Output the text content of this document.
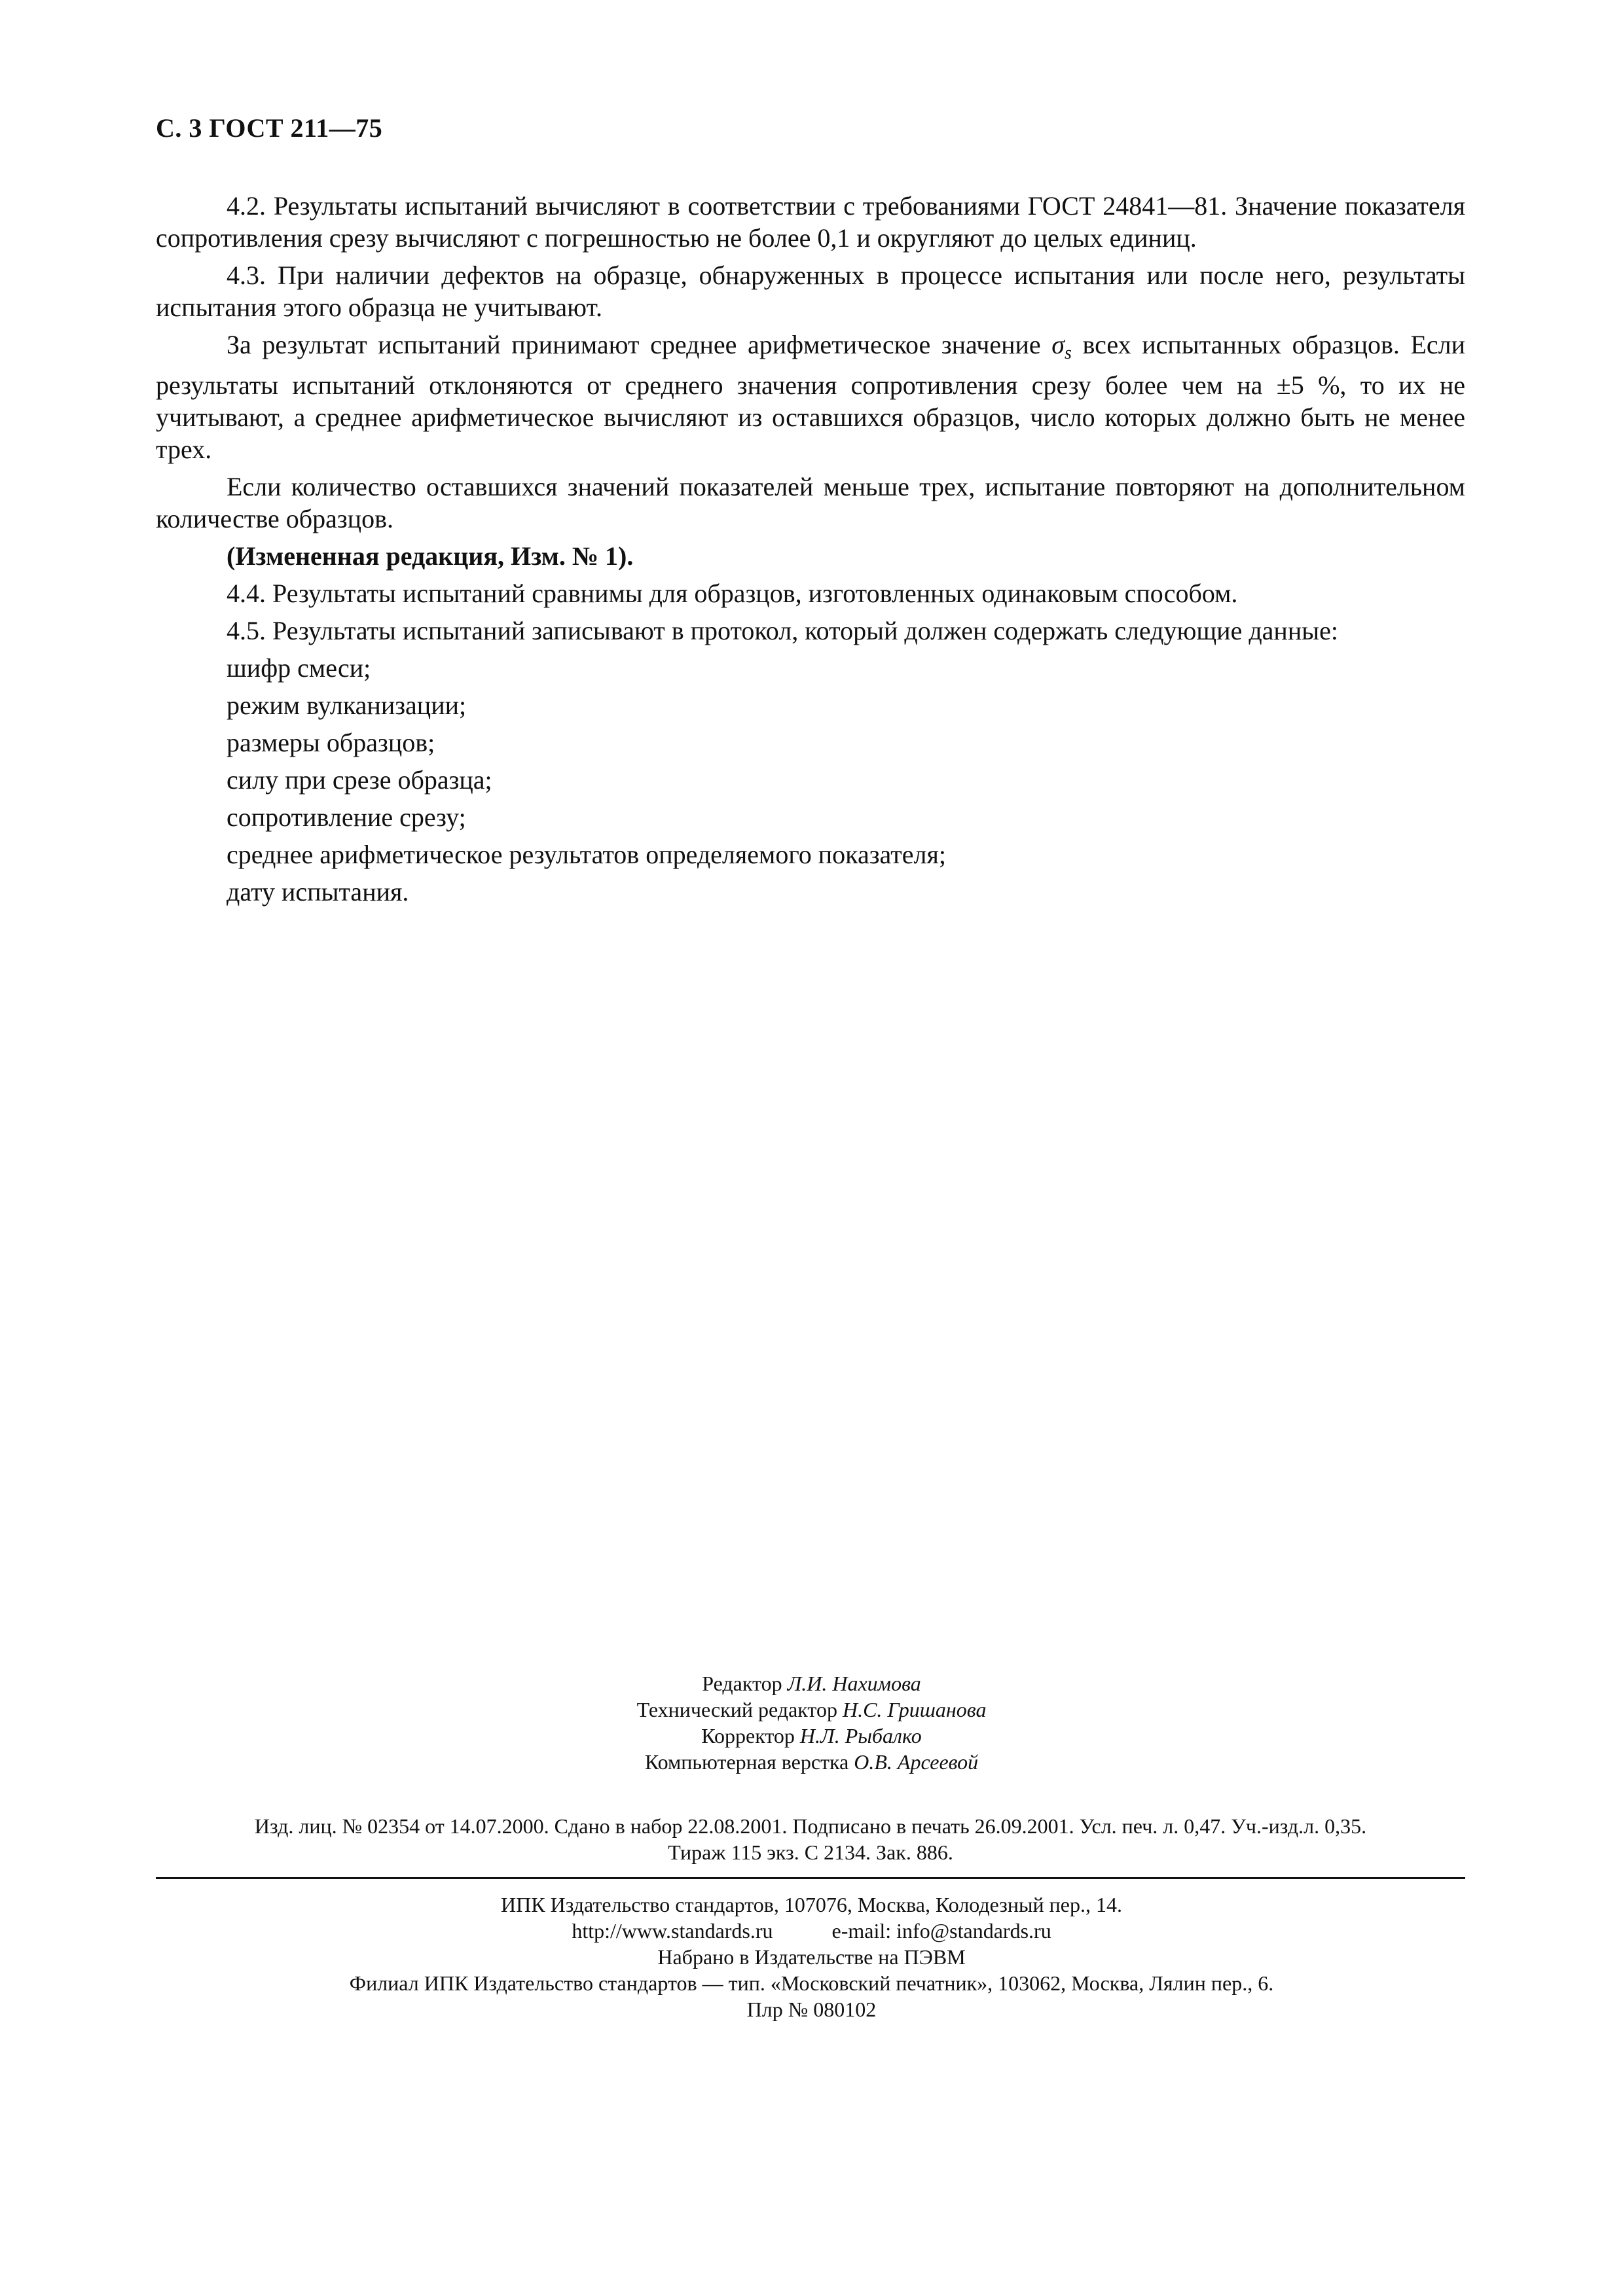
С. 3 ГОСТ 211—75

4.2. Результаты испытаний вычисляют в соответствии с требованиями ГОСТ 24841—81. Значение показателя сопротивления срезу вычисляют с погрешностью не более 0,1 и округляют до целых единиц.

4.3. При наличии дефектов на образце, обнаруженных в процессе испытания или после него, результаты испытания этого образца не учитывают.

За результат испытаний принимают среднее арифметическое значение $\sigma_s$ всех испытанных образцов. Если результаты испытаний отклоняются от среднего значения сопротивления срезу более чем на ±5 %, то их не учитывают, а среднее арифметическое вычисляют из оставшихся образцов, число которых должно быть не менее трех.

Если количество оставшихся значений показателей меньше трех, испытание повторяют на дополнительном количестве образцов.

(Измененная редакция, Изм. № 1).

4.4. Результаты испытаний сравнимы для образцов, изготовленных одинаковым способом.

4.5. Результаты испытаний записывают в протокол, который должен содержать следующие данные:

шифр смеси;
режим вулканизации;
размеры образцов;
силу при срезе образца;
сопротивление срезу;
среднее арифметическое результатов определяемого показателя;
дату испытания.
Редактор Л.И. Нахимова
Технический редактор Н.С. Гришанова
Корректор Н.Л. Рыбалко
Компьютерная верстка О.В. Арсеевой
Изд. лиц. № 02354 от 14.07.2000. Сдано в набор 22.08.2001. Подписано в печать 26.09.2001. Усл. печ. л. 0,47. Уч.-изд.л. 0,35.
Тираж 115 экз. С 2134. Зак. 886.
ИПК Издательство стандартов, 107076, Москва, Колодезный пер., 14.
http://www.standards.ru	e-mail: info@standards.ru
Набрано в Издательстве на ПЭВМ
Филиал ИПК Издательство стандартов — тип. «Московский печатник», 103062, Москва, Лялин пер., 6.
Плр № 080102
